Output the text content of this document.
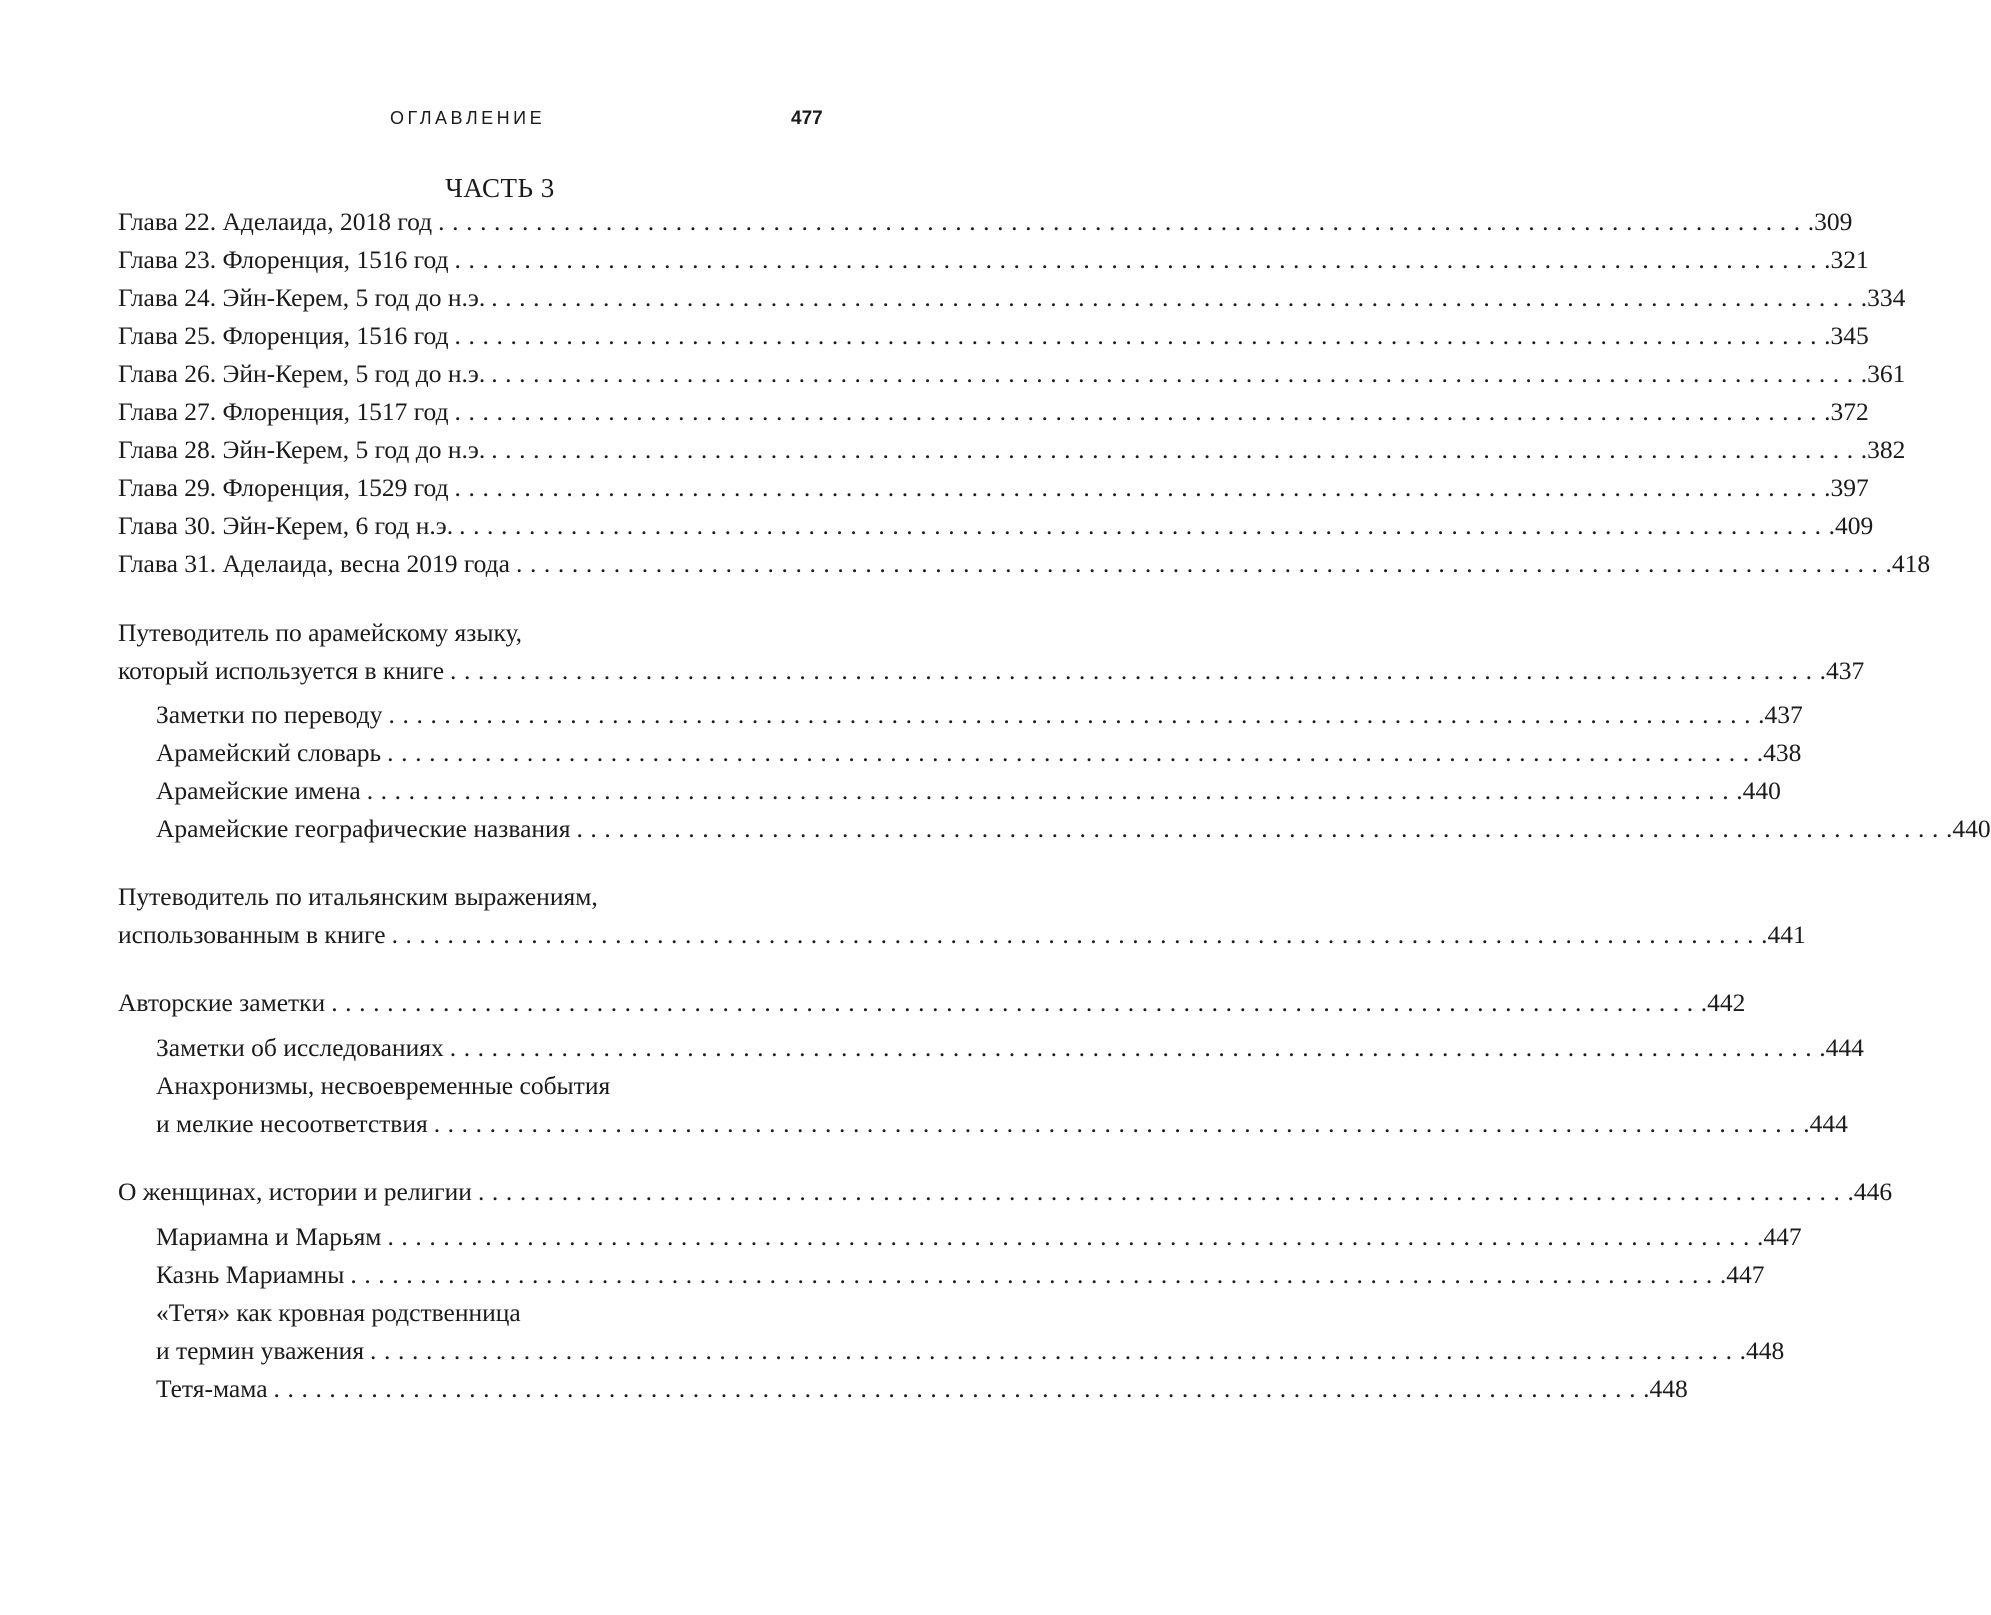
ОГЛАВЛЕНИЕ	477
ЧАСТЬ 3
Глава 22. Аделаида, 2018 год .................................................................................................. .309
Глава 23. Флоренция, 1516 год .................................................................................................. .321
Глава 24. Эйн-Керем, 5 год до н.э. .................................................................................................. .334
Глава 25. Флоренция, 1516 год .................................................................................................. .345
Глава 26. Эйн-Керем, 5 год до н.э. .................................................................................................. .361
Глава 27. Флоренция, 1517 год .................................................................................................. .372
Глава 28. Эйн-Керем, 5 год до н.э. .................................................................................................. .382
Глава 29. Флоренция, 1529 год .................................................................................................. .397
Глава 30. Эйн-Керем, 6 год н.э. .................................................................................................. .409
Глава 31. Аделаида, весна 2019 года .................................................................................................. .418
Путеводитель по арамейскому языку,
который используется в книге .................................................................................................. .437
Заметки по переводу .................................................................................................. .437
Арамейский словарь .................................................................................................. .438
Арамейские имена .................................................................................................. .440
Арамейские географические названия .................................................................................................. .440
Путеводитель по итальянским выражениям,
использованным в книге .................................................................................................. .441
Авторские заметки .................................................................................................. .442
Заметки об исследованиях .................................................................................................. .444
Анахронизмы, несвоевременные события
и мелкие несоответствия .................................................................................................. .444
О женщинах, истории и религии .................................................................................................. .446
Мариамна и Марьям .................................................................................................. .447
Казнь Мариамны .................................................................................................. .447
«Тетя» как кровная родственница
и термин уважения .................................................................................................. .448
Тетя-мама .................................................................................................. .448
